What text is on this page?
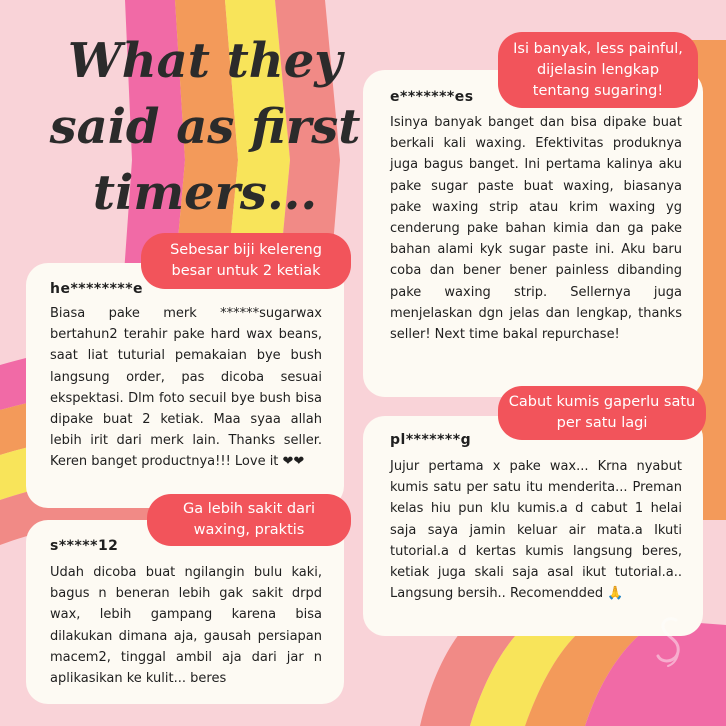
What they said as first timers...
he********e
Biasa pake merk ******sugarwax bertahun2 terahir pake hard wax beans, saat liat tuturial pemakaian bye bush langsung order, pas dicoba sesuai ekspektasi. Dlm foto secuil bye bush bisa dipake buat 2 ketiak. Maa syaa allah lebih irit dari merk lain. Thanks seller. Keren banget productnya!!! Love it ❤❤
Sebesar biji kelereng besar untuk 2 ketiak
s*****12
Udah dicoba buat ngilangin bulu kaki, bagus n beneran lebih gak sakit drpd wax, lebih gampang karena bisa dilakukan dimana aja, gausah persiapan macem2, tinggal ambil aja dari jar n aplikasikan ke kulit... beres
Ga lebih sakit dari waxing, praktis
e*******es
Isinya banyak banget dan bisa dipake buat berkali kali waxing. Efektivitas produknya juga bagus banget. Ini pertama kalinya aku pake sugar paste buat waxing, biasanya pake waxing strip atau krim waxing yg cenderung pake bahan kimia dan ga pake bahan alami kyk sugar paste ini. Aku baru coba dan bener bener painless dibanding pake waxing strip. Sellernya juga menjelaskan dgn jelas dan lengkap, thanks seller! Next time bakal repurchase!
Isi banyak, less painful, dijelasin lengkap tentang sugaring!
pl*******g
Jujur pertama x pake wax... Krna nyabut kumis satu per satu itu menderita... Preman kelas hiu pun klu kumis.a d cabut 1 helai saja saya jamin keluar air mata.a Ikuti tutorial.a d kertas kumis langsung beres, ketiak juga skali saja asal ikut tutorial.a.. Langsung bersih.. Recomendded 🙏
Cabut kumis gaperlu satu per satu lagi
